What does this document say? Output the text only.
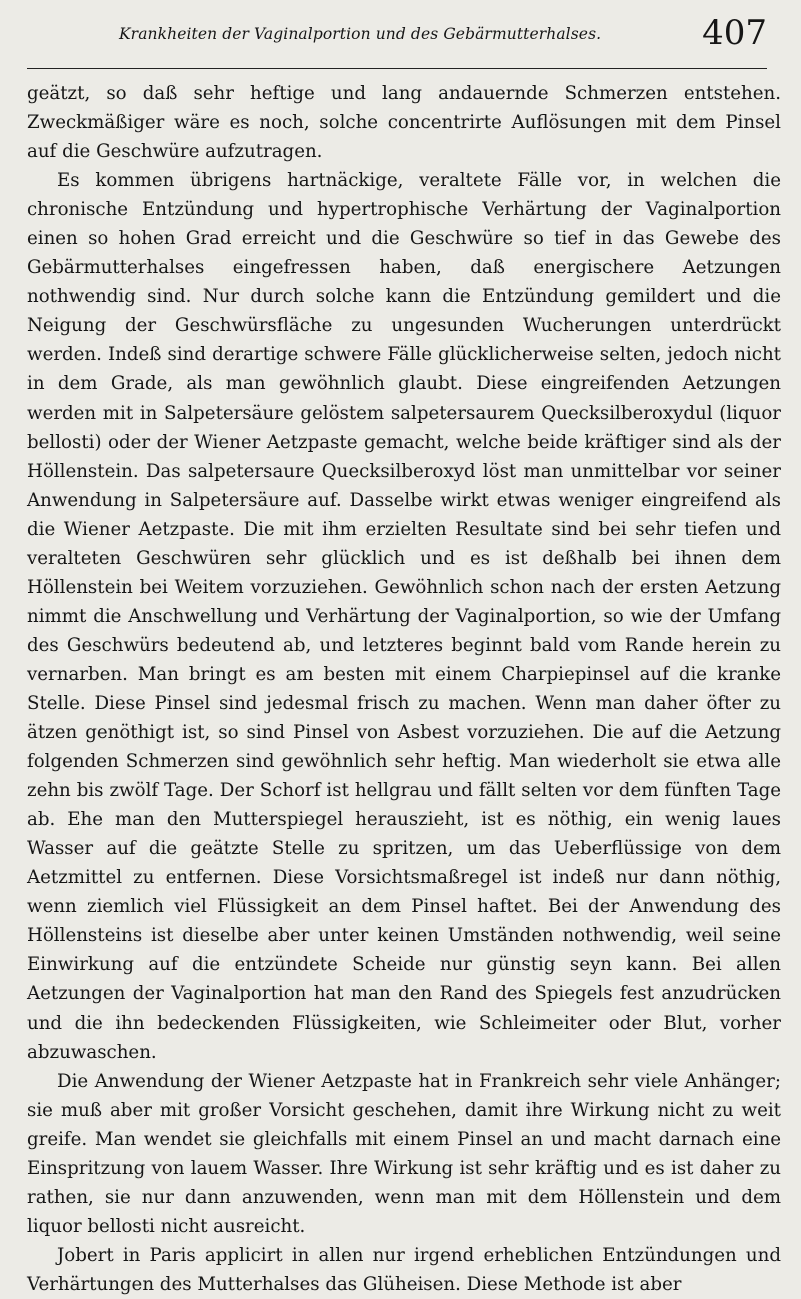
Krankheiten der Vaginalportion und des Gebärmutterhalses.	407

geätzt, so daß sehr heftige und lang andauernde Schmerzen entstehen. Zweckmäßiger wäre es noch, solche concentrirte Auflösungen mit dem Pinsel auf die Geschwüre aufzutragen.

Es kommen übrigens hartnäckige, veraltete Fälle vor, in welchen die chronische Entzündung und hypertrophische Verhärtung der Vaginalportion einen so hohen Grad erreicht und die Geschwüre so tief in das Gewebe des Gebärmutterhalses eingefressen haben, daß energischere Aetzungen nothwendig sind. Nur durch solche kann die Entzündung gemildert und die Neigung der Geschwürsfläche zu ungesunden Wucherungen unterdrückt werden. Indeß sind derartige schwere Fälle glücklicherweise selten, jedoch nicht in dem Grade, als man gewöhnlich glaubt. Diese eingreifenden Aetzungen werden mit in Salpetersäure gelöstem salpetersaurem Quecksilberoxydul (liquor bellosti) oder der Wiener Aetzpaste gemacht, welche beide kräftiger sind als der Höllenstein. Das salpetersaure Quecksilberoxyd löst man unmittelbar vor seiner Anwendung in Salpetersäure auf. Dasselbe wirkt etwas weniger eingreifend als die Wiener Aetzpaste. Die mit ihm erzielten Resultate sind bei sehr tiefen und veralteten Geschwüren sehr glücklich und es ist deßhalb bei ihnen dem Höllenstein bei Weitem vorzuziehen. Gewöhnlich schon nach der ersten Aetzung nimmt die Anschwellung und Verhärtung der Vaginalportion, so wie der Umfang des Geschwürs bedeutend ab, und letzteres beginnt bald vom Rande herein zu vernarben. Man bringt es am besten mit einem Charpiepinsel auf die kranke Stelle. Diese Pinsel sind jedesmal frisch zu machen. Wenn man daher öfter zu ätzen genöthigt ist, so sind Pinsel von Asbest vorzuziehen. Die auf die Aetzung folgenden Schmerzen sind gewöhnlich sehr heftig. Man wiederholt sie etwa alle zehn bis zwölf Tage. Der Schorf ist hellgrau und fällt selten vor dem fünften Tage ab. Ehe man den Mutterspiegel herauszieht, ist es nöthig, ein wenig laues Wasser auf die geätzte Stelle zu spritzen, um das Ueberflüssige von dem Aetzmittel zu entfernen. Diese Vorsichtsmaßregel ist indeß nur dann nöthig, wenn ziemlich viel Flüssigkeit an dem Pinsel haftet. Bei der Anwendung des Höllensteins ist dieselbe aber unter keinen Umständen nothwendig, weil seine Einwirkung auf die entzündete Scheide nur günstig seyn kann. Bei allen Aetzungen der Vaginalportion hat man den Rand des Spiegels fest anzudrücken und die ihn bedeckenden Flüssigkeiten, wie Schleimeiter oder Blut, vorher abzuwaschen.

Die Anwendung der Wiener Aetzpaste hat in Frankreich sehr viele Anhänger; sie muß aber mit großer Vorsicht geschehen, damit ihre Wirkung nicht zu weit greife. Man wendet sie gleichfalls mit einem Pinsel an und macht darnach eine Einspritzung von lauem Wasser. Ihre Wirkung ist sehr kräftig und es ist daher zu rathen, sie nur dann anzuwenden, wenn man mit dem Höllenstein und dem liquor bellosti nicht ausreicht.

Jobert in Paris applicirt in allen nur irgend erheblichen Entzündungen und Verhärtungen des Mutterhalses das Glüheisen. Diese Methode ist aber
